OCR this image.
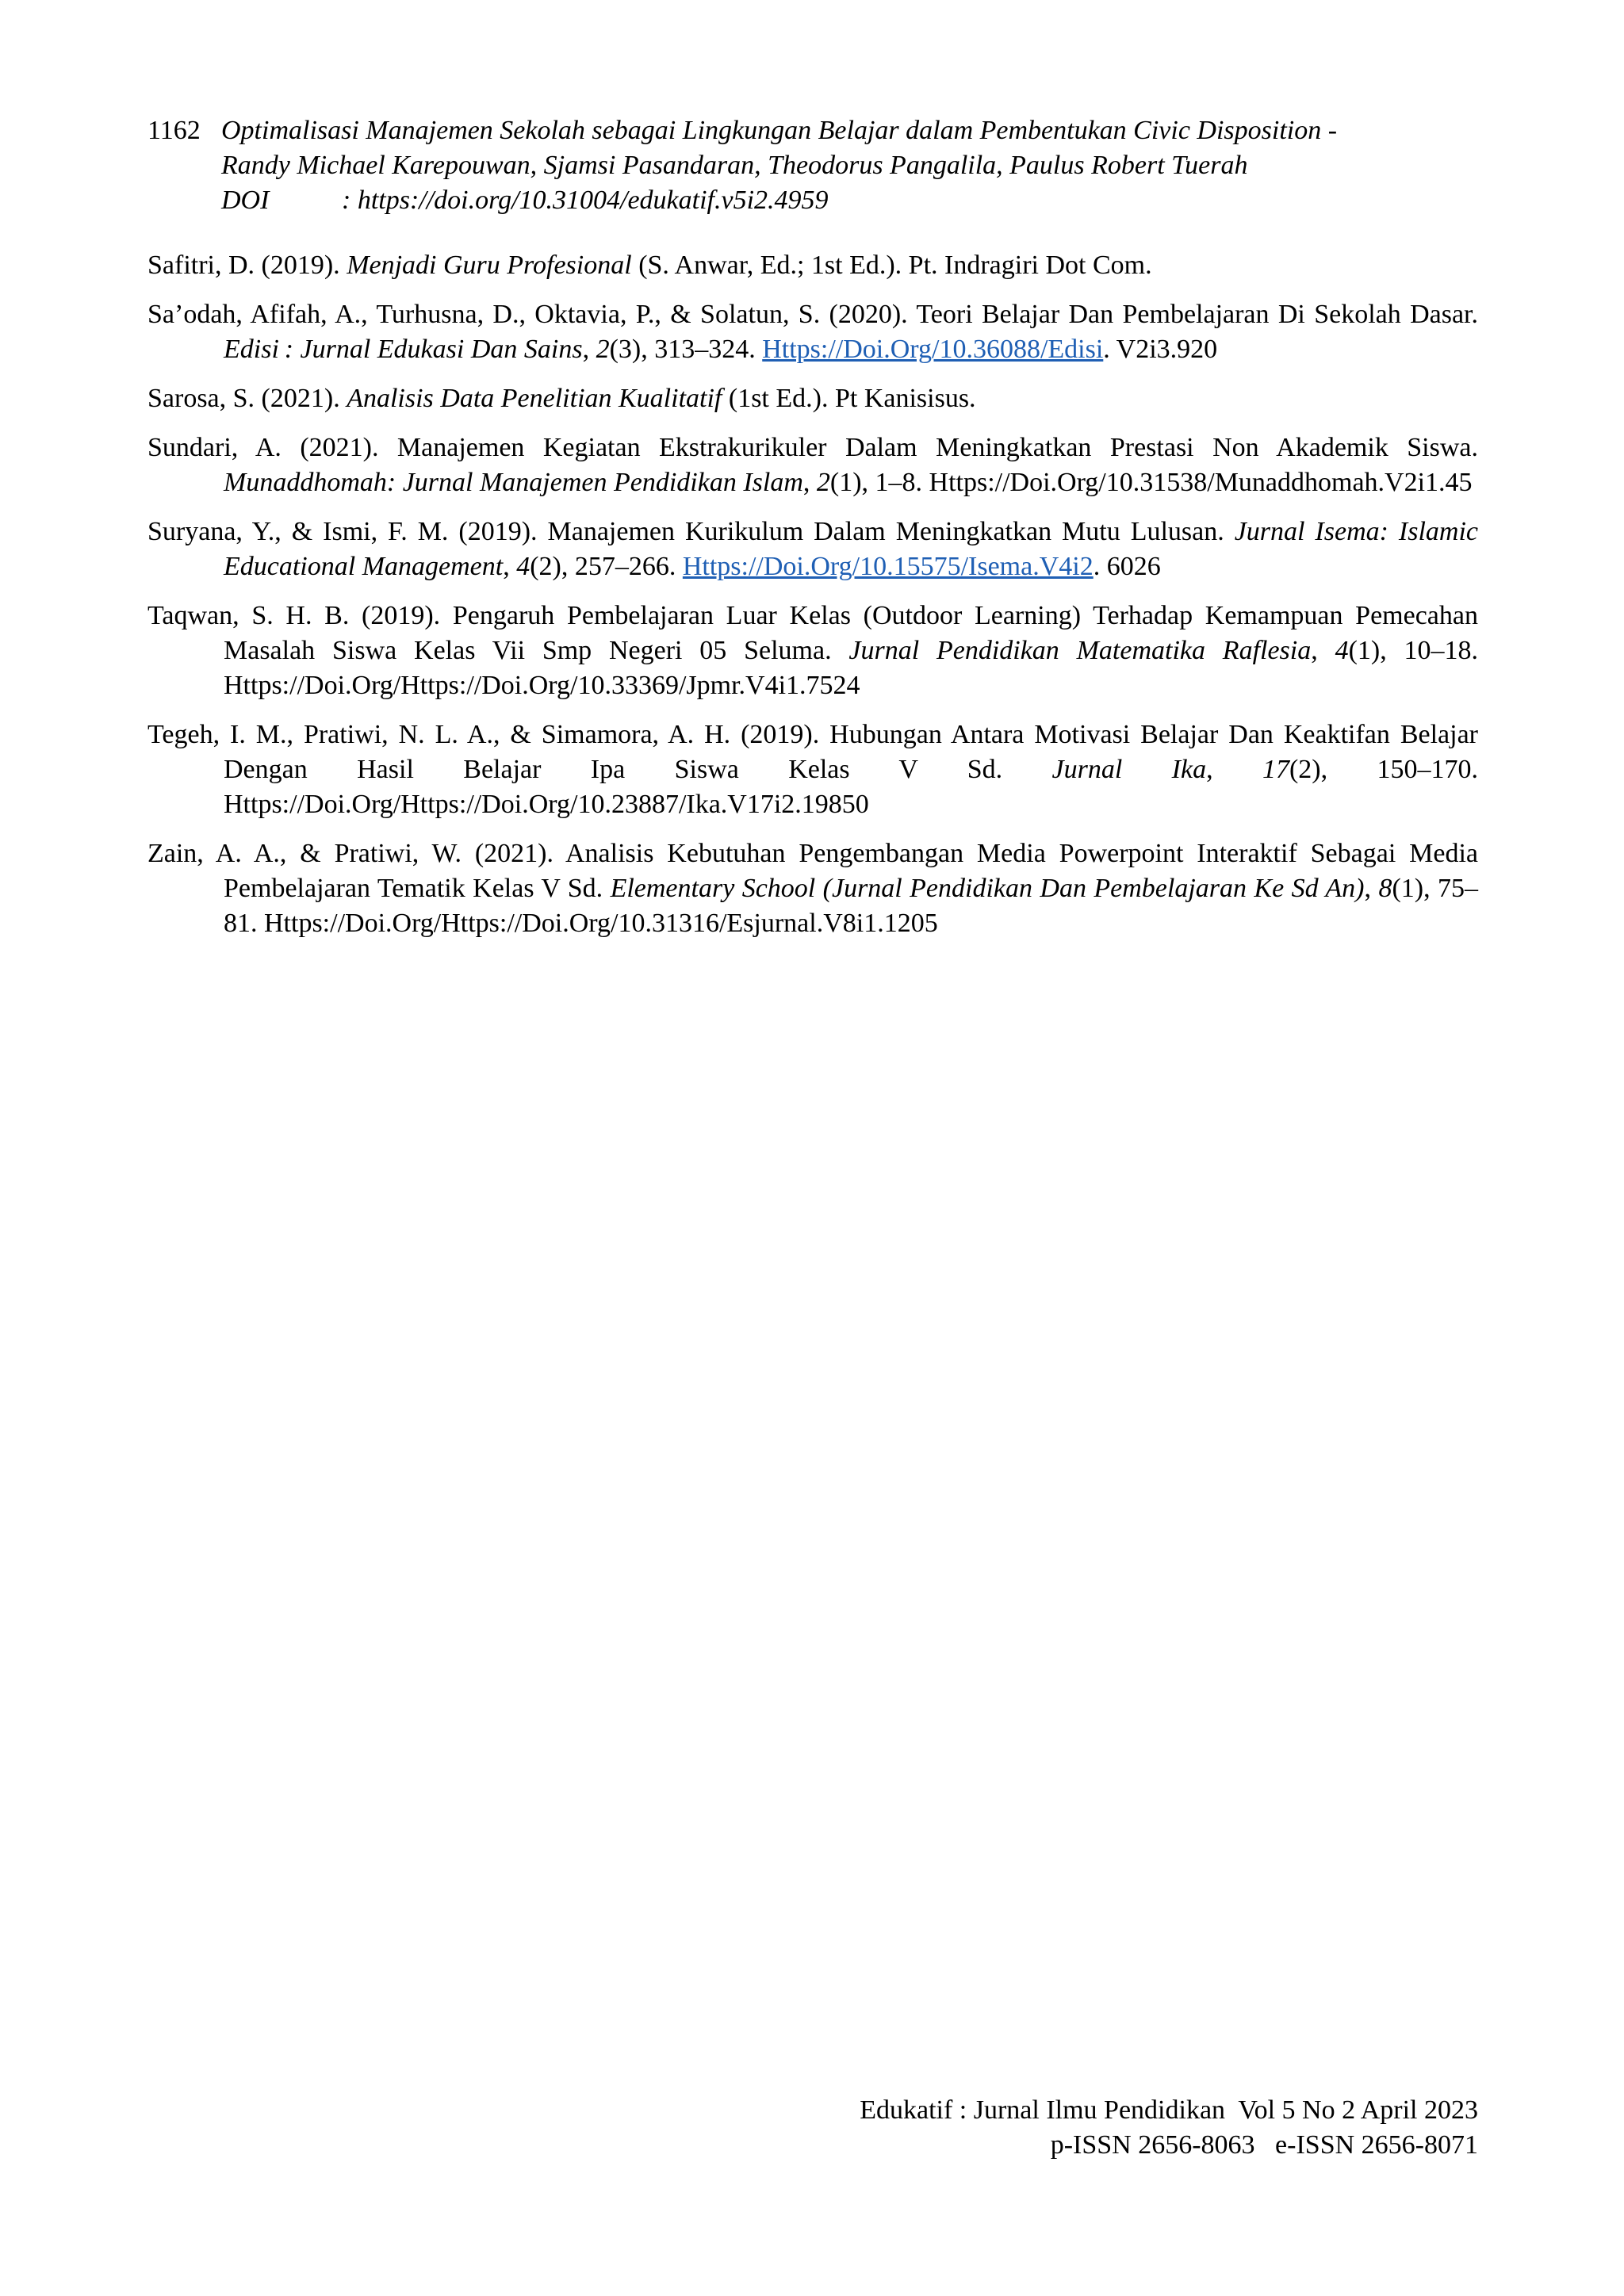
1162 Optimalisasi Manajemen Sekolah sebagai Lingkungan Belajar dalam Pembentukan Civic Disposition -
Randy Michael Karepouwan, Sjamsi Pasandaran, Theodorus Pangalila, Paulus Robert Tuerah
DOI	: https://doi.org/10.31004/edukatif.v5i2.4959

Safitri, D. (2019). Menjadi Guru Profesional (S. Anwar, Ed.; 1st Ed.). Pt. Indragiri Dot Com.

Sa’odah, Afifah, A., Turhusna, D., Oktavia, P., & Solatun, S. (2020). Teori Belajar Dan Pembelajaran Di Sekolah Dasar. Edisi : Jurnal Edukasi Dan Sains, 2(3), 313–324. Https://Doi.Org/10.36088/Edisi. V2i3.920

Sarosa, S. (2021). Analisis Data Penelitian Kualitatif (1st Ed.). Pt Kanisisus.

Sundari, A. (2021). Manajemen Kegiatan Ekstrakurikuler Dalam Meningkatkan Prestasi Non Akademik Siswa. Munaddhomah: Jurnal Manajemen Pendidikan Islam, 2(1), 1–8. Https://Doi.Org/10.31538/Munaddhomah.V2i1.45

Suryana, Y., & Ismi, F. M. (2019). Manajemen Kurikulum Dalam Meningkatkan Mutu Lulusan. Jurnal Isema: Islamic Educational Management, 4(2), 257–266. Https://Doi.Org/10.15575/Isema.V4i2. 6026

Taqwan, S. H. B. (2019). Pengaruh Pembelajaran Luar Kelas (Outdoor Learning) Terhadap Kemampuan Pemecahan Masalah Siswa Kelas Vii Smp Negeri 05 Seluma. Jurnal Pendidikan Matematika Raflesia, 4(1), 10–18. Https://Doi.Org/Https://Doi.Org/10.33369/Jpmr.V4i1.7524

Tegeh, I. M., Pratiwi, N. L. A., & Simamora, A. H. (2019). Hubungan Antara Motivasi Belajar Dan Keaktifan Belajar Dengan Hasil Belajar Ipa Siswa Kelas V Sd. Jurnal Ika, 17(2), 150–170. Https://Doi.Org/Https://Doi.Org/10.23887/Ika.V17i2.19850

Zain, A. A., & Pratiwi, W. (2021). Analisis Kebutuhan Pengembangan Media Powerpoint Interaktif Sebagai Media Pembelajaran Tematik Kelas V Sd. Elementary School (Jurnal Pendidikan Dan Pembelajaran Ke Sd An), 8(1), 75–81. Https://Doi.Org/Https://Doi.Org/10.31316/Esjurnal.V8i1.1205

Edukatif : Jurnal Ilmu Pendidikan  Vol 5 No 2 April 2023
p-ISSN 2656-8063   e-ISSN 2656-8071
